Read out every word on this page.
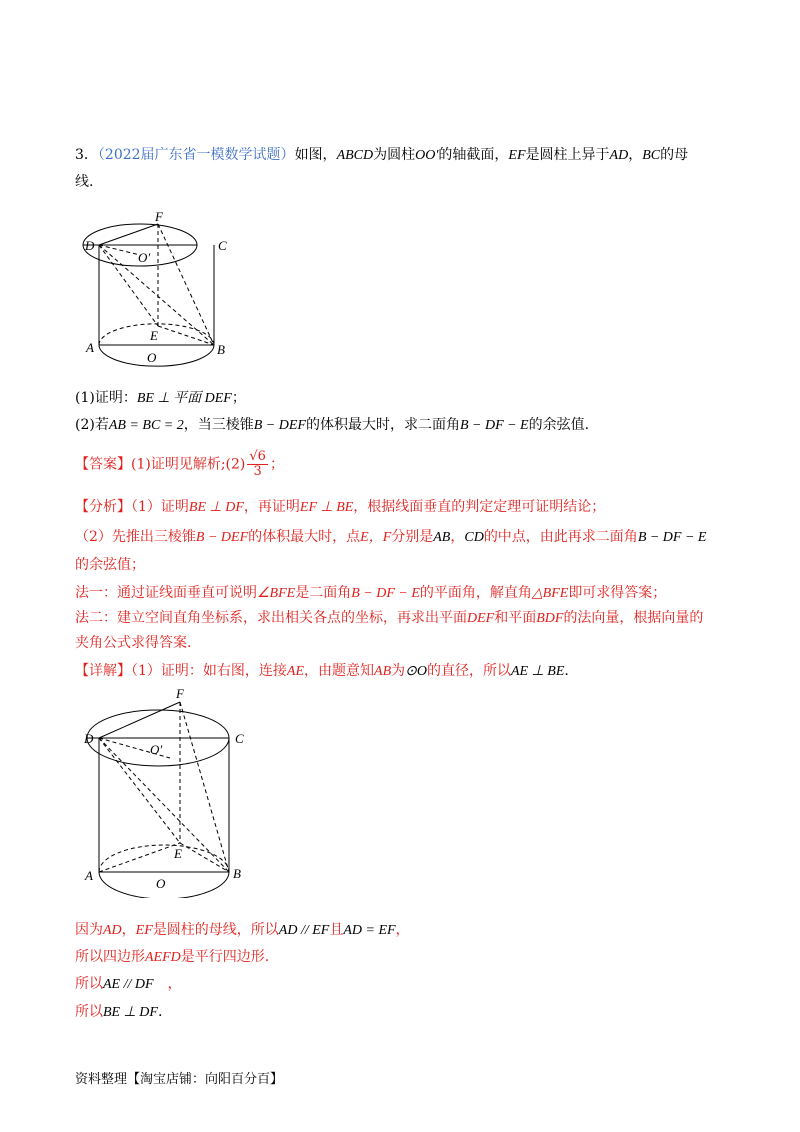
3．（2022届广东省一模数学试题）如图，ABCD为圆柱OO′的轴截面，EF是圆柱上异于AD，BC的母
线.
F
D	C
O′
E
A	B
O
(1)证明：BE ⊥ 平面 DEF；
(2)若AB = BC = 2，当三棱锥B − DEF的体积最大时，求二面角B − DF − E的余弦值.
【答案】(1)证明见解析;(2) $\frac{√6}{3}$ ；
【分析】（1）证明BE ⊥ DF，再证明EF ⊥ BE，根据线面垂直的判定定理可证明结论；
（2）先推出三棱锥B − DEF的体积最大时，点E，F分别是AB，CD的中点，由此再求二面角B − DF − E
的余弦值；
法一：通过证线面垂直可说明∠BFE是二面角B − DF − E的平面角，解直角△BFE即可求得答案；
法二：建立空间直角坐标系，求出相关各点的坐标，再求出平面DEF和平面BDF的法向量，根据向量的
夹角公式求得答案.
【详解】（1）证明：如右图，连接AE，由题意知AB为⊙O的直径，所以AE ⊥ BE.
F
D	C
O′
E
A	B
O
因为AD，EF是圆柱的母线，所以AD // EF且AD = EF，
所以四边形AEFD是平行四边形.
所以AE // DF ，
所以BE ⊥ DF.
资料整理【淘宝店铺：向阳百分百】
